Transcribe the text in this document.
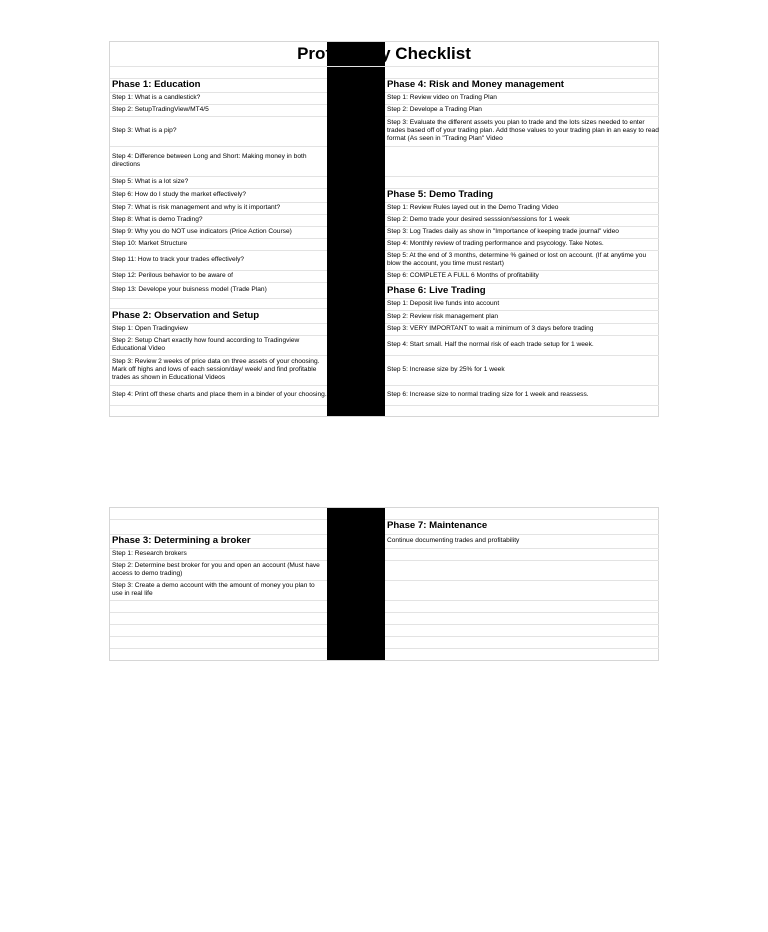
Profitability Checklist
Phase 1: Education
Step 1: What is a candlestick?
Step 2: SetupTradingView/MT4/5
Step 3: What is a pip?
Step 4: Difference between Long and Short: Making money in both directions
Step 5: What is a lot size?
Step 6: How do I study the market effectively?
Step 7: What is risk management and why is it important?
Step 8: What is demo Trading?
Step 9: Why you do NOT use indicators (Price Action Course)
Step 10: Market Structure
Step 11: How to track your trades effectively?
Step 12: Perilous behavior to be aware of
Step 13: Develope your buisness model (Trade Plan)
Phase 2: Observation and Setup
Step 1: Open Tradingview
Step 2: Setup Chart exactly how found according to Tradingview Educational Video
Step 3: Review 2 weeks of price data on three assets of your choosing. Mark off highs and lows of each session/day/ week/ and find profitable trades as shown in Educational Videos
Step 4: Print off these charts and place them in a binder of your choosing.
Phase 4: Risk and Money management
Step 1: Review video on Trading Plan
Step 2: Develope a Trading Plan
Step 3: Evaluate the different assets you plan to trade and the lots sizes needed to enter trades based off of your trading plan. Add those values to your trading plan in an easy to read format (As seen in "Trading Plan" Video
Phase 5: Demo Trading
Step 1: Review Rules layed out in the Demo Trading Video
Step 2: Demo trade your desired sesssion/sessions for 1 week
Step 3: Log Trades daily as show in "Importance of keeping trade journal" video
Step 4: Monthly review of trading performance and psycology. Take Notes.
Step 5: At the end of 3 months, determine % gained or lost on account. (If at anytime you blow the account, you time must restart)
Step 6: COMPLETE A FULL 6 Months of profitability
Phase 6: Live Trading
Step 1: Deposit live funds into account
Step 2: Review risk management plan
Step 3: VERY IMPORTANT to wait a minimum of 3 days before trading
Step 4: Start small. Half the normal risk of each trade setup for 1 week.
Step 5: Increase size by 25% for 1 week
Step 6: Increase size to normal trading size for 1 week and reassess.
Phase 3: Determining a broker
Step 1: Research brokers
Step 2: Determine best broker for you and open an account (Must have access to demo trading)
Step 3: Create a demo account with the amount of money you plan to use in real life
Phase 7: Maintenance
Continue documenting trades and profitability
